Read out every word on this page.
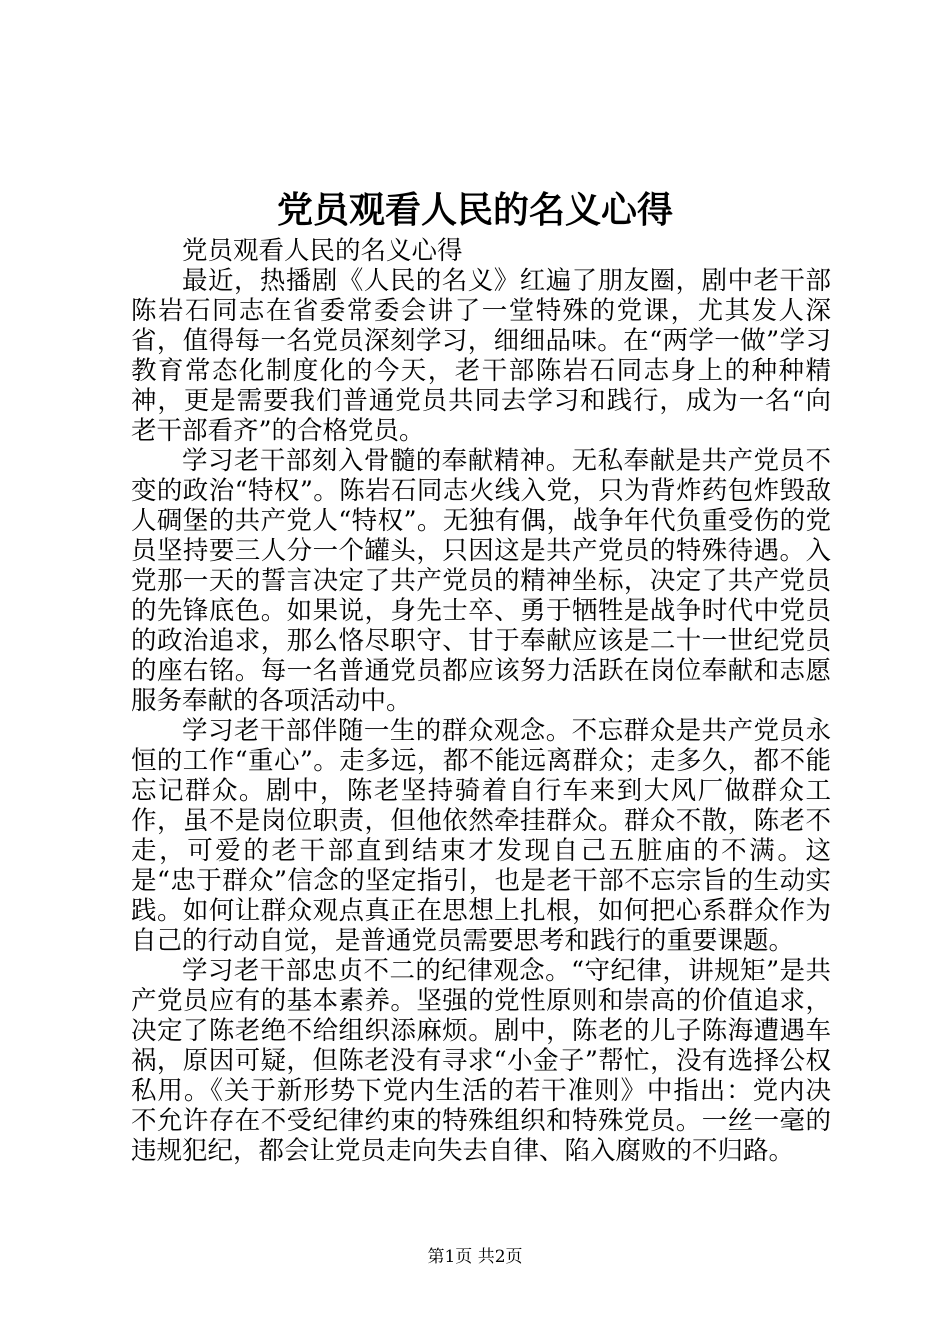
党员观看人民的名义心得

党员观看人民的名义心得

最近，热播剧《人民的名义》红遍了朋友圈，剧中老干部陈岩石同志在省委常委会讲了一堂特殊的党课，尤其发人深省，值得每一名党员深刻学习，细细品味。在“两学一做”学习教育常态化制度化的今天，老干部陈岩石同志身上的种种精神，更是需要我们普通党员共同去学习和践行，成为一名“向老干部看齐”的合格党员。

学习老干部刻入骨髓的奉献精神。无私奉献是共产党员不变的政治“特权”。陈岩石同志火线入党，只为背炸药包炸毁敌人碉堡的共产党人“特权”。无独有偶，战争年代负重受伤的党员坚持要三人分一个罐头，只因这是共产党员的特殊待遇。入党那一天的誓言决定了共产党员的精神坐标，决定了共产党员的先锋底色。如果说，身先士卒、勇于牺牲是战争时代中党员的政治追求，那么恪尽职守、甘于奉献应该是二十一世纪党员的座右铭。每一名普通党员都应该努力活跃在岗位奉献和志愿服务奉献的各项活动中。

学习老干部伴随一生的群众观念。不忘群众是共产党员永恒的工作“重心”。走多远，都不能远离群众；走多久，都不能忘记群众。剧中，陈老坚持骑着自行车来到大风厂做群众工作，虽不是岗位职责，但他依然牵挂群众。群众不散，陈老不走，可爱的老干部直到结束才发现自己五脏庙的不满。这是“忠于群众”信念的坚定指引，也是老干部不忘宗旨的生动实践。如何让群众观点真正在思想上扎根，如何把心系群众作为自己的行动自觉，是普通党员需要思考和践行的重要课题。

学习老干部忠贞不二的纪律观念。“守纪律，讲规矩”是共产党员应有的基本素养。坚强的党性原则和崇高的价值追求，决定了陈老绝不给组织添麻烦。剧中，陈老的儿子陈海遭遇车祸，原因可疑，但陈老没有寻求“小金子”帮忙，没有选择公权私用。《关于新形势下党内生活的若干准则》中指出：党内决不允许存在不受纪律约束的特殊组织和特殊党员。一丝一毫的违规犯纪，都会让党员走向失去自律、陷入腐败的不归路。

第1页 共2页
